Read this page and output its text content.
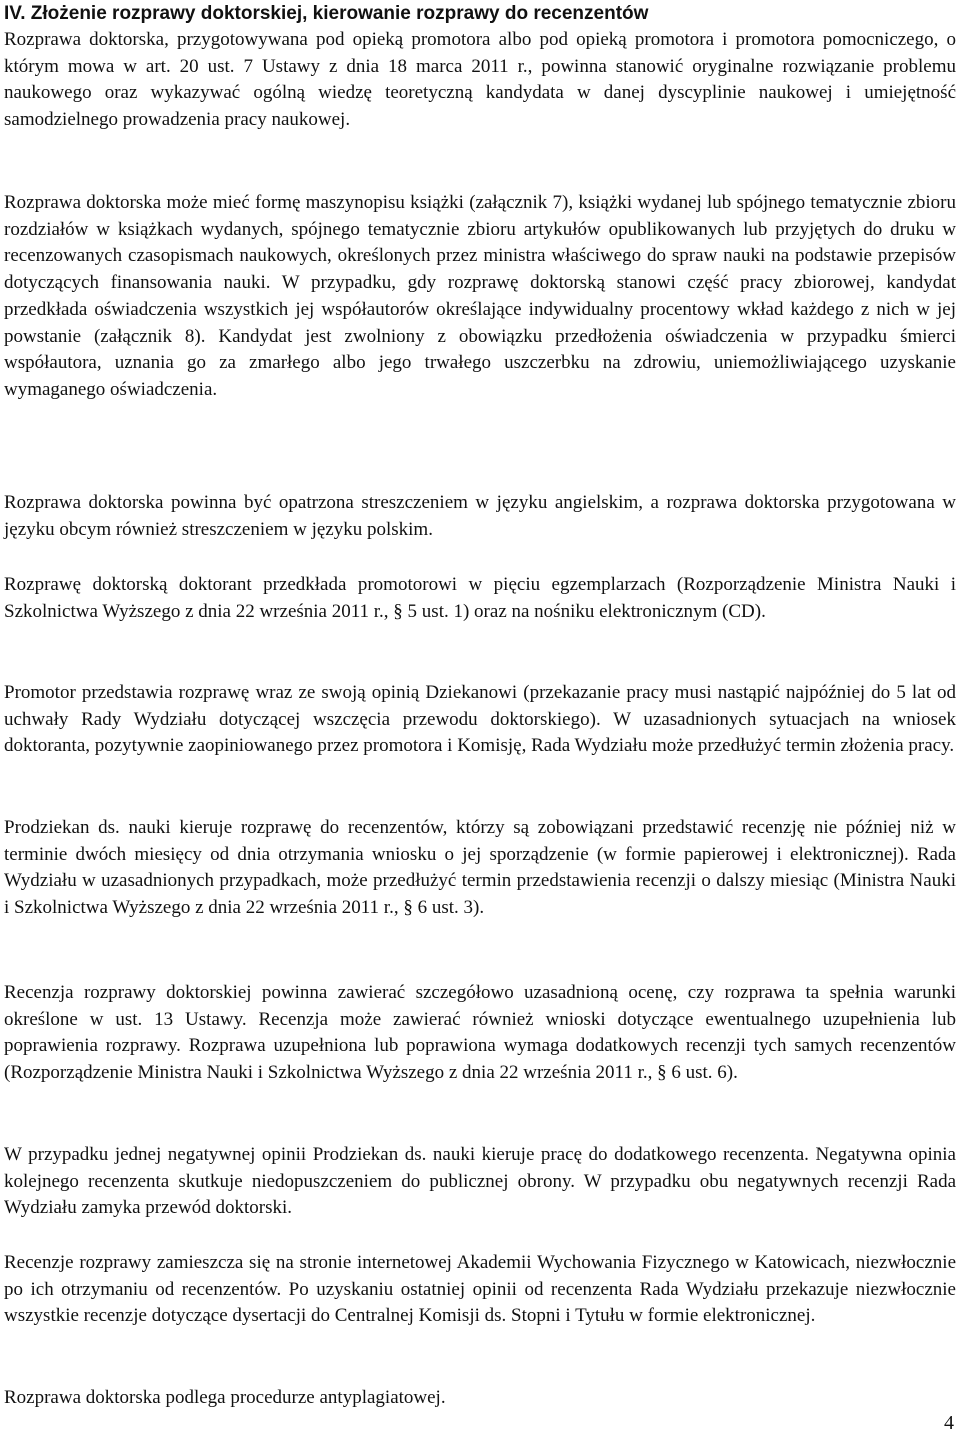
IV. Złożenie rozprawy doktorskiej, kierowanie rozprawy do recenzentów

Rozprawa doktorska, przygotowywana pod opieką promotora albo pod opieką promotora i promotora pomocniczego, o którym mowa w art. 20 ust. 7 Ustawy z dnia 18 marca 2011 r., powinna stanowić oryginalne rozwiązanie problemu naukowego oraz wykazywać ogólną wiedzę teoretyczną kandydata w danej dyscyplinie naukowej i umiejętność samodzielnego prowadzenia pracy naukowej.

Rozprawa doktorska może mieć formę maszynopisu książki (załącznik 7), książki wydanej lub spójnego tematycznie zbioru rozdziałów w książkach wydanych, spójnego tematycznie zbioru artykułów opublikowanych lub przyjętych do druku w recenzowanych czasopismach naukowych, określonych przez ministra właściwego do spraw nauki na podstawie przepisów dotyczących finansowania nauki. W przypadku, gdy rozprawę doktorską stanowi część pracy zbiorowej, kandydat przedkłada oświadczenia wszystkich jej współautorów określające indywidualny procentowy wkład każdego z nich w jej powstanie (załącznik 8). Kandydat jest zwolniony z obowiązku przedłożenia oświadczenia w przypadku śmierci współautora, uznania go za zmarłego albo jego trwałego uszczerbku na zdrowiu, uniemożliwiającego uzyskanie wymaganego oświadczenia.

Rozprawa doktorska powinna być opatrzona streszczeniem w języku angielskim, a rozprawa doktorska przygotowana w języku obcym również streszczeniem w języku polskim.

Rozprawę doktorską doktorant przedkłada promotorowi w pięciu egzemplarzach (Rozporządzenie Ministra Nauki i Szkolnictwa Wyższego z dnia 22 września 2011 r., § 5 ust. 1) oraz na nośniku elektronicznym (CD).

Promotor przedstawia rozprawę wraz ze swoją opinią Dziekanowi (przekazanie pracy musi nastąpić najpóźniej do 5 lat od uchwały Rady Wydziału dotyczącej wszczęcia przewodu doktorskiego). W uzasadnionych sytuacjach na wniosek doktoranta, pozytywnie zaopiniowanego przez promotora i Komisję, Rada Wydziału może przedłużyć termin złożenia pracy.

Prodziekan ds. nauki kieruje rozprawę do recenzentów, którzy są zobowiązani przedstawić recenzję nie później niż w terminie dwóch miesięcy od dnia otrzymania wniosku o jej sporządzenie (w formie papierowej i elektronicznej). Rada Wydziału w uzasadnionych przypadkach, może przedłużyć termin przedstawienia recenzji o dalszy miesiąc (Ministra Nauki i Szkolnictwa Wyższego z dnia 22 września 2011 r., § 6 ust. 3).

Recenzja rozprawy doktorskiej powinna zawierać szczegółowo uzasadnioną ocenę, czy rozprawa ta spełnia warunki określone w ust. 13 Ustawy. Recenzja może zawierać również wnioski dotyczące ewentualnego uzupełnienia lub poprawienia rozprawy. Rozprawa uzupełniona lub poprawiona wymaga dodatkowych recenzji tych samych recenzentów (Rozporządzenie Ministra Nauki i Szkolnictwa Wyższego z dnia 22 września 2011 r., § 6 ust. 6).

W przypadku jednej negatywnej opinii Prodziekan ds. nauki kieruje pracę do dodatkowego recenzenta. Negatywna opinia kolejnego recenzenta skutkuje niedopuszczeniem do publicznej obrony. W przypadku obu negatywnych recenzji Rada Wydziału zamyka przewód doktorski.

Recenzje rozprawy zamieszcza się na stronie internetowej Akademii Wychowania Fizycznego w Katowicach, niezwłocznie po ich otrzymaniu od recenzentów. Po uzyskaniu ostatniej opinii od recenzenta Rada Wydziału przekazuje niezwłocznie wszystkie recenzje dotyczące dysertacji do Centralnej Komisji ds. Stopni i Tytułu w formie elektronicznej.

Rozprawa doktorska podlega procedurze antyplagiatowej.

4
